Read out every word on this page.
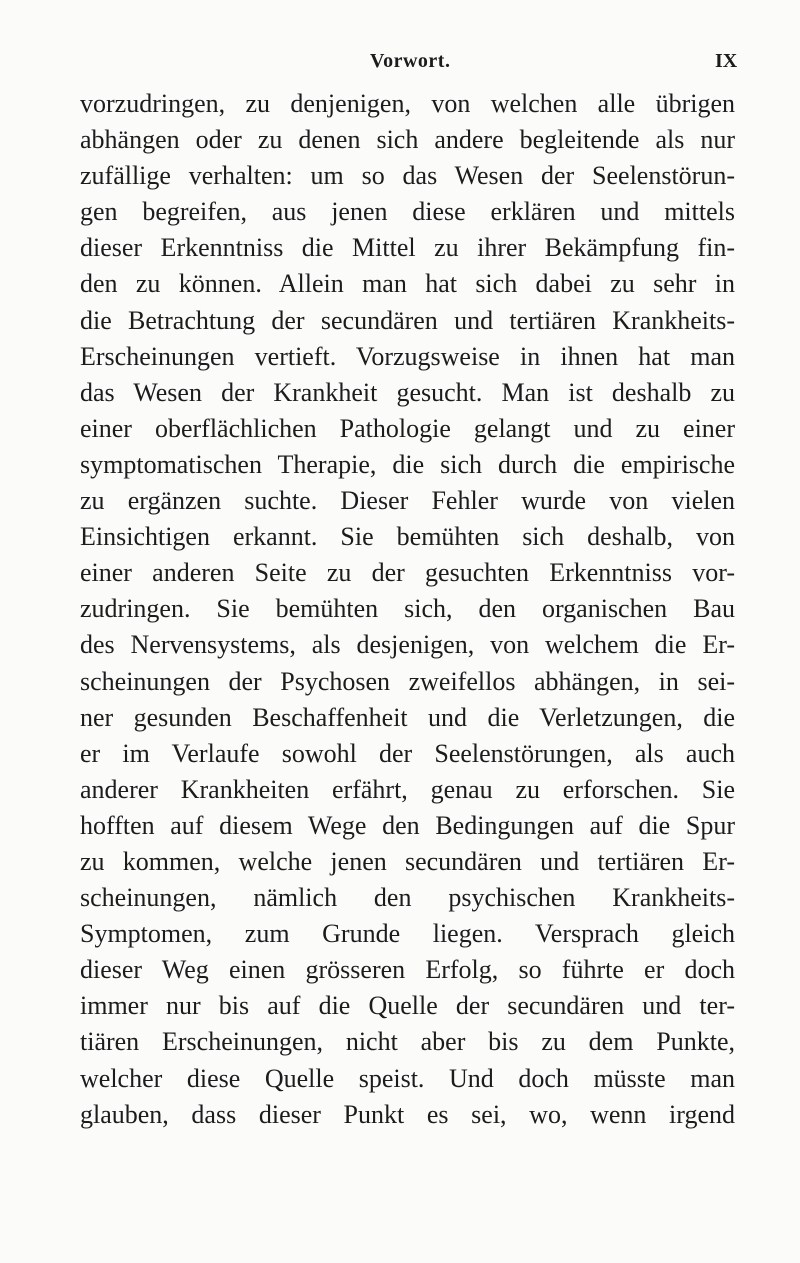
Vorwort.	IX
vorzudringen, zu denjenigen, von welchen alle übrigen
abhängen oder zu denen sich andere begleitende als nur
zufällige verhalten: um so das Wesen der Seelenstörun-
gen begreifen, aus jenen diese erklären und mittels
dieser Erkenntniss die Mittel zu ihrer Bekämpfung fin-
den zu können. Allein man hat sich dabei zu sehr in
die Betrachtung der secundären und tertiären Krankheits-
Erscheinungen vertieft. Vorzugsweise in ihnen hat man
das Wesen der Krankheit gesucht. Man ist deshalb zu
einer oberflächlichen Pathologie gelangt und zu einer
symptomatischen Therapie, die sich durch die empirische
zu ergänzen suchte. Dieser Fehler wurde von vielen
Einsichtigen erkannt. Sie bemühten sich deshalb, von
einer anderen Seite zu der gesuchten Erkenntniss vor-
zudringen. Sie bemühten sich, den organischen Bau
des Nervensystems, als desjenigen, von welchem die Er-
scheinungen der Psychosen zweifellos abhängen, in sei-
ner gesunden Beschaffenheit und die Verletzungen, die
er im Verlaufe sowohl der Seelenstörungen, als auch
anderer Krankheiten erfährt, genau zu erforschen. Sie
hofften auf diesem Wege den Bedingungen auf die Spur
zu kommen, welche jenen secundären und tertiären Er-
scheinungen, nämlich den psychischen Krankheits-
Symptomen, zum Grunde liegen. Versprach gleich
dieser Weg einen grösseren Erfolg, so führte er doch
immer nur bis auf die Quelle der secundären und ter-
tiären Erscheinungen, nicht aber bis zu dem Punkte,
welcher diese Quelle speist. Und doch müsste man
glauben, dass dieser Punkt es sei, wo, wenn irgend
